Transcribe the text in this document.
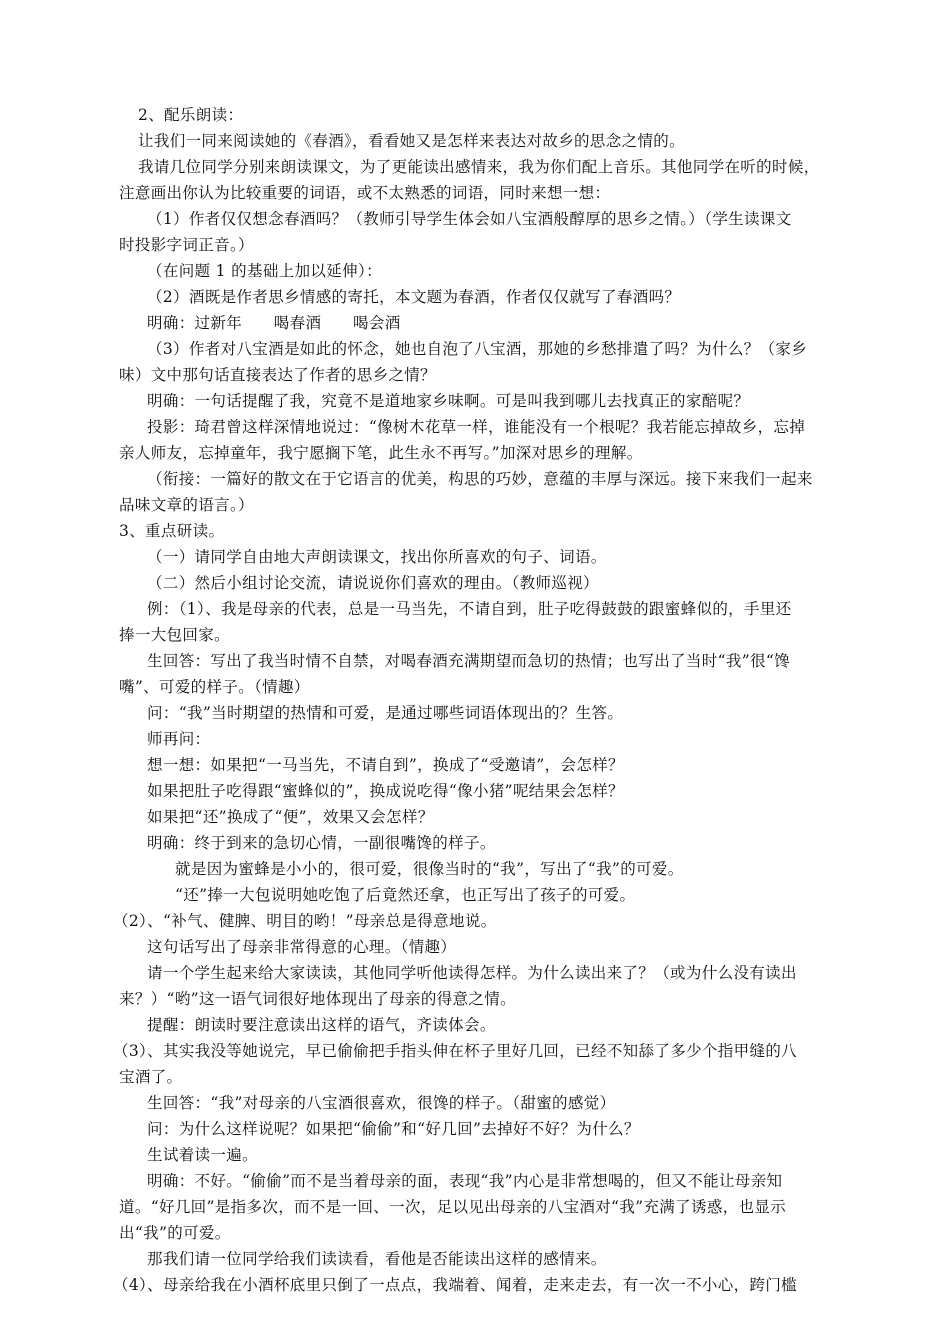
2、配乐朗读：
让我们一同来阅读她的《春酒》，看看她又是怎样来表达对故乡的思念之情的。
我请几位同学分别来朗读课文，为了更能读出感情来，我为你们配上音乐。其他同学在听的时候，
注意画出你认为比较重要的词语，或不太熟悉的词语，同时来想一想：
（1）作者仅仅想念春酒吗？（教师引导学生体会如八宝酒般醇厚的思乡之情。）（学生读课文
时投影字词正音。）
（在问题 1 的基础上加以延伸）：
（2）酒既是作者思乡情感的寄托，本文题为春酒，作者仅仅就写了春酒吗？
明确：过新年　　喝春酒　　喝会酒
（3）作者对八宝酒是如此的怀念，她也自泡了八宝酒，那她的乡愁排遣了吗？为什么？（家乡
味）文中那句话直接表达了作者的思乡之情？
明确：一句话提醒了我，究竟不是道地家乡味啊。可是叫我到哪儿去找真正的家醅呢？
投影：琦君曾这样深情地说过：“像树木花草一样，谁能没有一个根呢？我若能忘掉故乡，忘掉
亲人师友，忘掉童年，我宁愿搁下笔，此生永不再写。”加深对思乡的理解。
（衔接：一篇好的散文在于它语言的优美，构思的巧妙，意蕴的丰厚与深远。接下来我们一起来
品味文章的语言。）
3、重点研读。
（一）请同学自由地大声朗读课文，找出你所喜欢的句子、词语。
（二）然后小组讨论交流，请说说你们喜欢的理由。（教师巡视）
例：（1）、我是母亲的代表，总是一马当先，不请自到，肚子吃得鼓鼓的跟蜜蜂似的，手里还
捧一大包回家。
生回答：写出了我当时情不自禁，对喝春酒充满期望而急切的热情；也写出了当时“我”很“馋
嘴”、可爱的样子。（情趣）
问：“我”当时期望的热情和可爱，是通过哪些词语体现出的？生答。
师再问：
想一想：如果把“一马当先，不请自到”，换成了“受邀请”，会怎样？
如果把肚子吃得跟“蜜蜂似的”，换成说吃得“像小猪”呢结果会怎样？
如果把“还”换成了“便”，效果又会怎样？
明确：终于到来的急切心情，一副很嘴馋的样子。
就是因为蜜蜂是小小的，很可爱，很像当时的“我”，写出了“我”的可爱。
“还”捧一大包说明她吃饱了后竟然还拿，也正写出了孩子的可爱。
（2）、“补气、健脾、明目的哟！”母亲总是得意地说。
这句话写出了母亲非常得意的心理。（情趣）
请一个学生起来给大家读读，其他同学听他读得怎样。为什么读出来了？（或为什么没有读出
来？）“哟”这一语气词很好地体现出了母亲的得意之情。
提醒：朗读时要注意读出这样的语气，齐读体会。
（3）、其实我没等她说完，早已偷偷把手指头伸在杯子里好几回，已经不知舔了多少个指甲缝的八
宝酒了。
生回答：“我”对母亲的八宝酒很喜欢，很馋的样子。（甜蜜的感觉）
问：为什么这样说呢？如果把“偷偷”和“好几回”去掉好不好？为什么？
生试着读一遍。
明确：不好。“偷偷”而不是当着母亲的面，表现“我”内心是非常想喝的，但又不能让母亲知
道。“好几回”是指多次，而不是一回、一次，足以见出母亲的八宝酒对“我”充满了诱惑，也显示
出“我”的可爱。
那我们请一位同学给我们读读看，看他是否能读出这样的感情来。
（4）、母亲给我在小酒杯底里只倒了一点点，我端着、闻着，走来走去，有一次一不小心，跨门槛
